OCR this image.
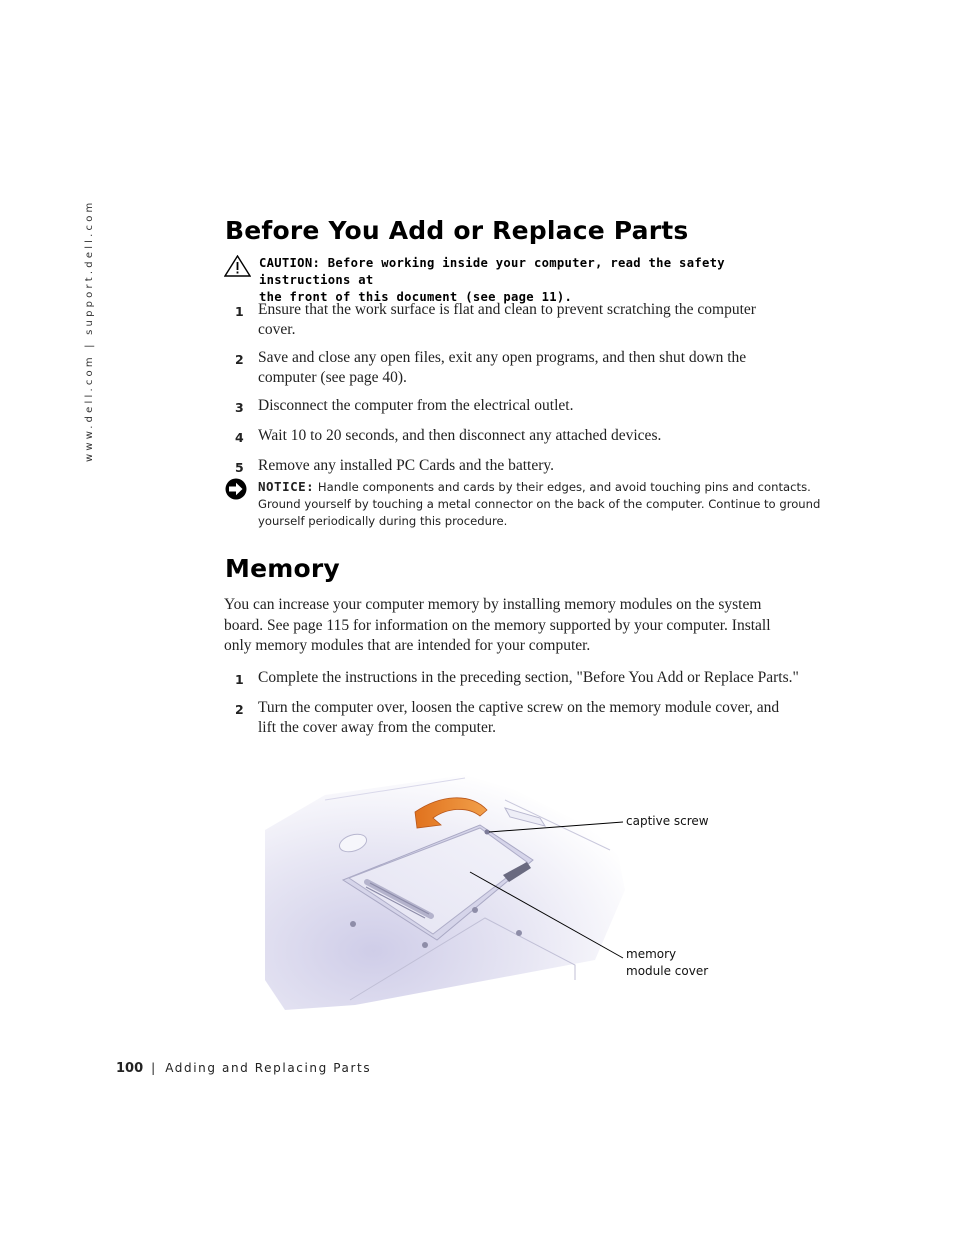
www.dell.com | support.dell.com	Before You Add or Replace Parts
CAUTION: Before working inside your computer, read the safety instructions at
the front of this document (see page 11).
1 Ensure that the work surface is flat and clean to prevent scratching the computer
cover.
2 Save and close any open files, exit any open programs, and then shut down the
computer (see page 40).
3 Disconnect the computer from the electrical outlet.
4 Wait 10 to 20 seconds, and then disconnect any attached devices.
5 Remove any installed PC Cards and the battery.
NOTICE: Handle components and cards by their edges, and avoid touching pins and contacts.
Ground yourself by touching a metal connector on the back of the computer. Continue to ground
yourself periodically during this procedure.
Memory
You can increase your computer memory by installing memory modules on the system
board. See page 115 for information on the memory supported by your computer. Install
only memory modules that are intended for your computer.
1 Complete the instructions in the preceding section, "Before You Add or Replace Parts."
2 Turn the computer over, loosen the captive screw on the memory module cover, and
lift the cover away from the computer.
captive screw
memory
module cover
100 | Adding and Replacing Parts
